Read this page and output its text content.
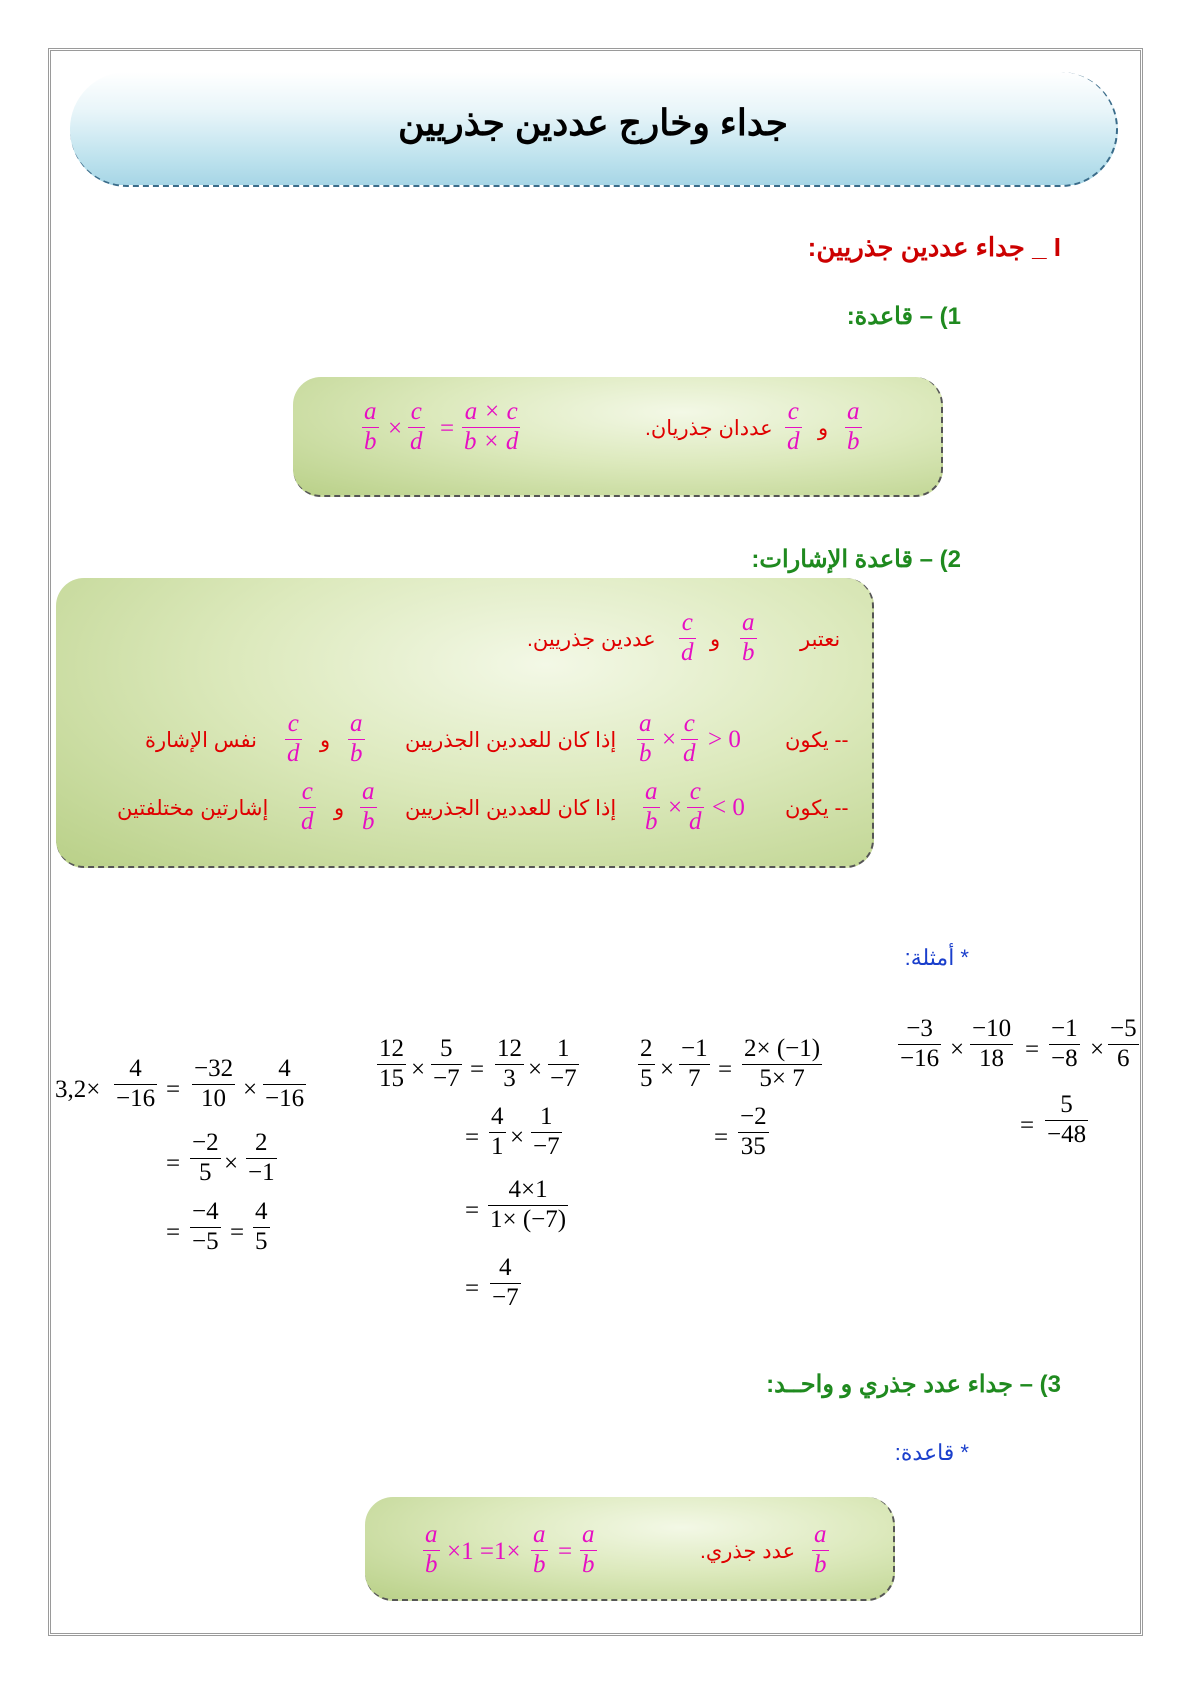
جداء وخارج عددين جذريين
I _ جداء عددين جذريين:
1) – قاعدة:
a
b
و
c
d
عددان جذريان.
a
b ×
c
d =
a × c
b × d
2) – قاعدة الإشارات:
نعتبر
a
b
و
c
d
عددين جذريين.
-- يكون
a
b
×
c
d
> 0
إذا كان للعددين الجذريين
a
b
و
c
d
نفس الإشارة
-- يكون
a
b
×
c
d
< 0
إذا كان للعددين الجذريين
a
b
و
c
d
إشارتين مختلفتين
* أمثلة:
−3
−16 ×
−10
18 =
−1
−8 ×
−5
6
=
5
−48
2
5 ×
−1
7 =
2× (−1)
5× 7
=
−2
35
12
15 ×
5
−7 =
12
3 ×
1
−7
=
4
1 ×
1
−7
=
4×1
1× (−7)
=
4
−7
3,2×
4
−16 =
−32
10 ×
4
−16
=
−2
5 ×
2
−1
=
−4
−5 =
4
5
3) – جداء عدد جذري و واحــد:
* قاعدة:
a
b
عدد جذري.
a
b ×1 =1×
a
b =
a
b
